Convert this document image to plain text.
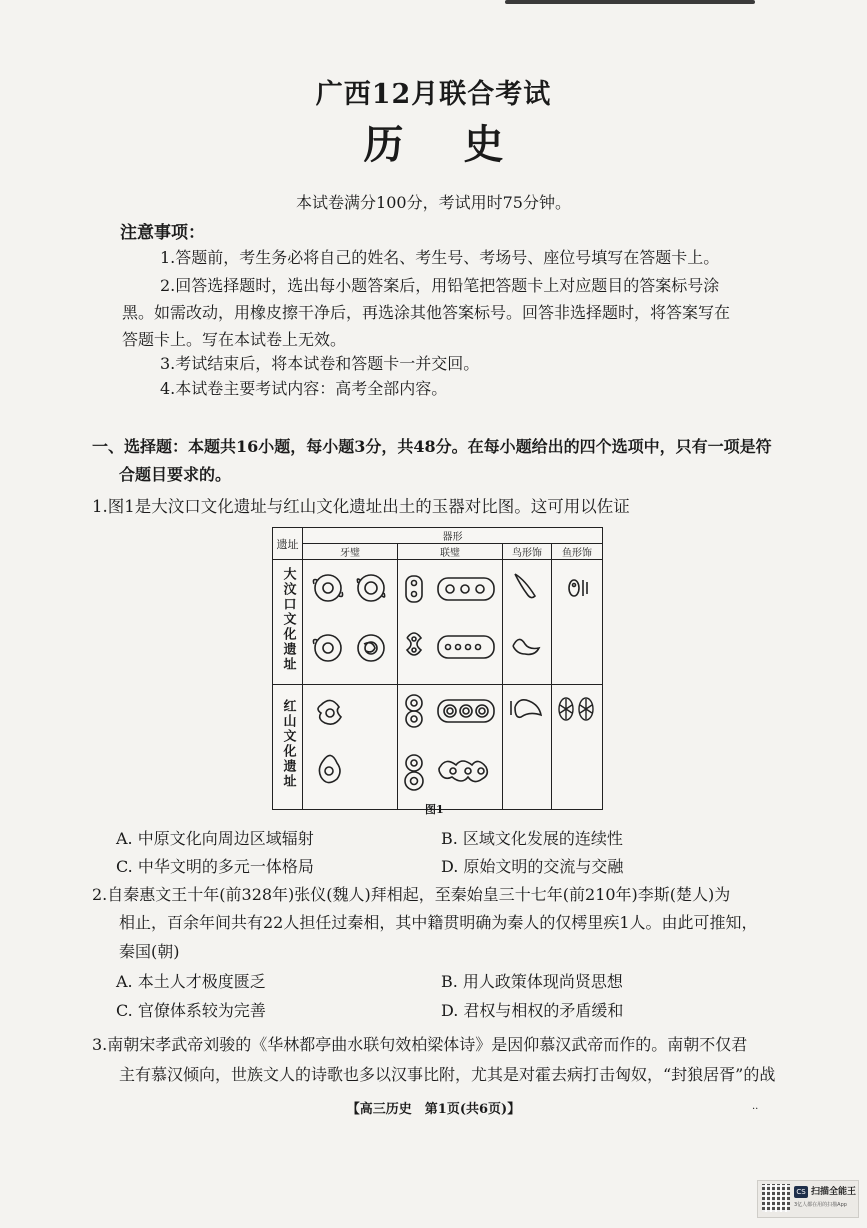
广西12月联合考试
历史
本试卷满分100分，考试用时75分钟。
注意事项：
1.答题前，考生务必将自己的姓名、考生号、考场号、座位号填写在答题卡上。
2.回答选择题时，选出每小题答案后，用铅笔把答题卡上对应题目的答案标号涂
黑。如需改动，用橡皮擦干净后，再选涂其他答案标号。回答非选择题时，将答案写在
答题卡上。写在本试卷上无效。
3.考试结束后，将本试卷和答题卡一并交回。
4.本试卷主要考试内容：高考全部内容。
一、选择题：本题共16小题，每小题3分，共48分。在每小题给出的四个选项中，只有一项是符
合题目要求的。
1.图1是大汶口文化遗址与红山文化遗址出土的玉器对比图。这可用以佐证
遗址	器形			
	牙璧	联璧	鸟形饰	鱼形饰
大汶口文化遗址				
红山文化遗址				
图1
A. 中原文化向周边区域辐射	B. 区域文化发展的连续性
C. 中华文明的多元一体格局	D. 原始文明的交流与交融
2.自秦惠文王十年(前328年)张仪(魏人)拜相起，至秦始皇三十七年(前210年)李斯(楚人)为
相止，百余年间共有22人担任过秦相，其中籍贯明确为秦人的仅樗里疾1人。由此可推知，
秦国(朝)
A. 本土人才极度匮乏	B. 用人政策体现尚贤思想
C. 官僚体系较为完善	D. 君权与相权的矛盾缓和
3.南朝宋孝武帝刘骏的《华林都亭曲水联句效柏梁体诗》是因仰慕汉武帝而作的。南朝不仅君
主有慕汉倾向，世族文人的诗歌也多以汉事比附，尤其是对霍去病打击匈奴，“封狼居胥”的战
【高三历史　第1页(共6页)】	..
CS 扫描全能王
3亿人都在用的扫描App
